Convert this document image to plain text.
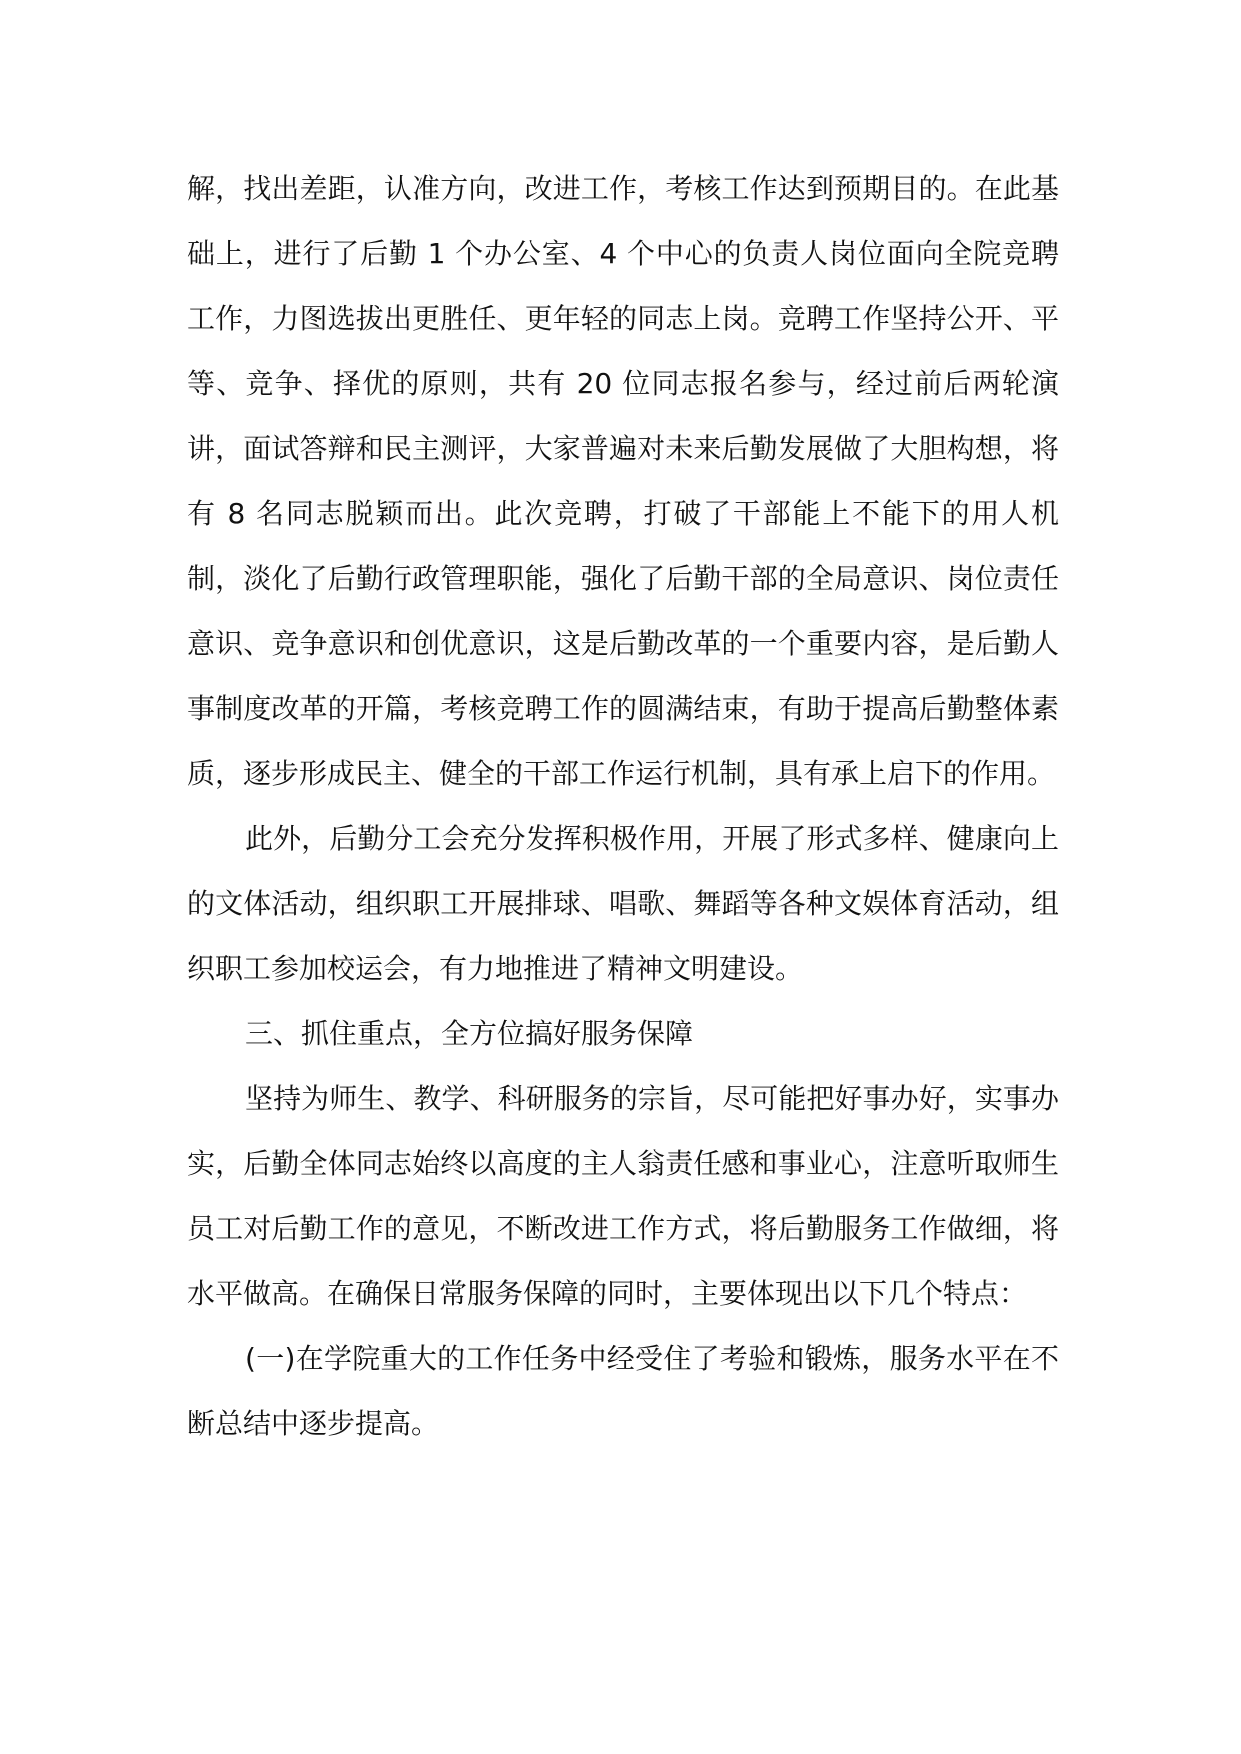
解，找出差距，认准方向，改进工作，考核工作达到预期目的。在此基础上，进行了后勤 1 个办公室、4 个中心的负责人岗位面向全院竞聘工作，力图选拔出更胜任、更年轻的同志上岗。竞聘工作坚持公开、平等、竞争、择优的原则，共有 20 位同志报名参与，经过前后两轮演讲，面试答辩和民主测评，大家普遍对未来后勤发展做了大胆构想，将有 8 名同志脱颖而出。此次竞聘，打破了干部能上不能下的用人机制，淡化了后勤行政管理职能，强化了后勤干部的全局意识、岗位责任意识、竞争意识和创优意识，这是后勤改革的一个重要内容，是后勤人事制度改革的开篇，考核竞聘工作的圆满结束，有助于提高后勤整体素质，逐步形成民主、健全的干部工作运行机制，具有承上启下的作用。

此外，后勤分工会充分发挥积极作用，开展了形式多样、健康向上的文体活动，组织职工开展排球、唱歌、舞蹈等各种文娱体育活动，组织职工参加校运会，有力地推进了精神文明建设。

三、抓住重点，全方位搞好服务保障

坚持为师生、教学、科研服务的宗旨，尽可能把好事办好，实事办实，后勤全体同志始终以高度的主人翁责任感和事业心，注意听取师生员工对后勤工作的意见，不断改进工作方式，将后勤服务工作做细，将水平做高。在确保日常服务保障的同时，主要体现出以下几个特点：

(一)在学院重大的工作任务中经受住了考验和锻炼，服务水平在不断总结中逐步提高。
